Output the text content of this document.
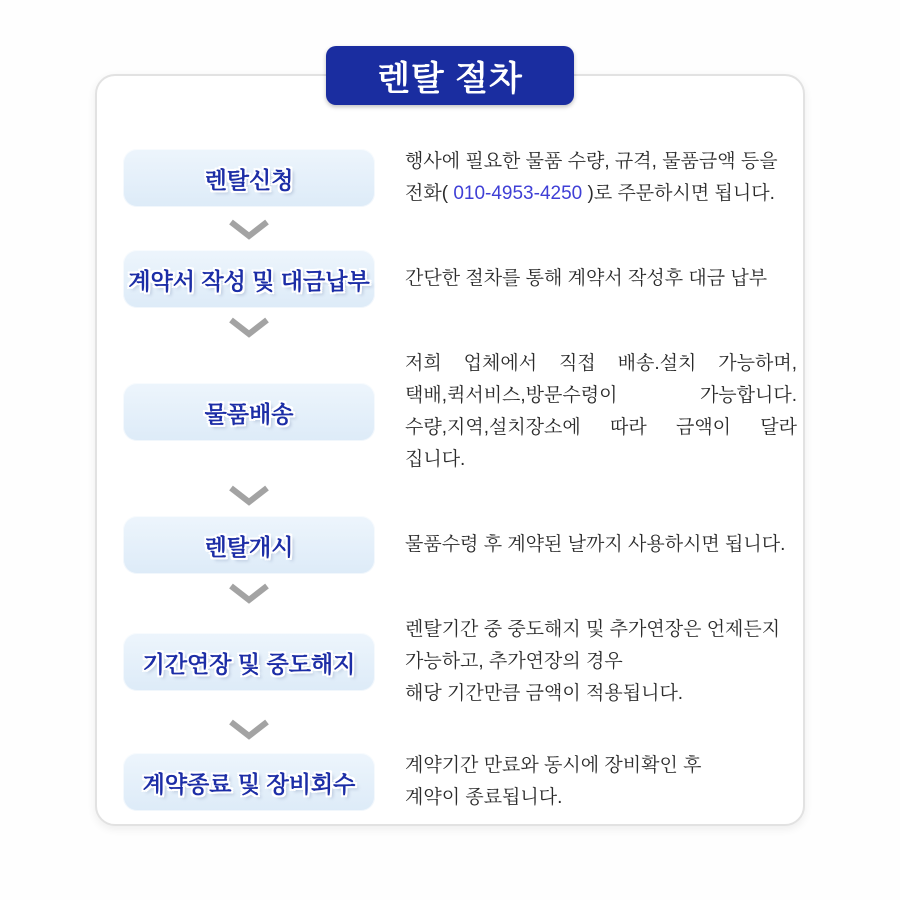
렌탈 절차
렌탈신청
행사에 필요한 물품 수량, 규격, 물품금액 등을
전화( 010-4953-4250 )로 주문하시면 됩니다.
계약서 작성 및 대금납부 간단한 절차를 통해 계약서 작성후 대금 납부
물품배송
저희 업체에서 직접 배송.설치 가능하며,
택배,퀵서비스,방문수령이 가능합니다.
수량,지역,설치장소에 따라 금액이 달라
집니다.
렌탈개시	물품수령 후 계약된 날까지 사용하시면 됩니다.
기간연장 및 중도해지
렌탈기간 중 중도해지 및 추가연장은 언제든지
가능하고, 추가연장의 경우
해당 기간만큼 금액이 적용됩니다.
계약종료 및 장비회수
계약기간 만료와 동시에 장비확인 후
계약이 종료됩니다.
